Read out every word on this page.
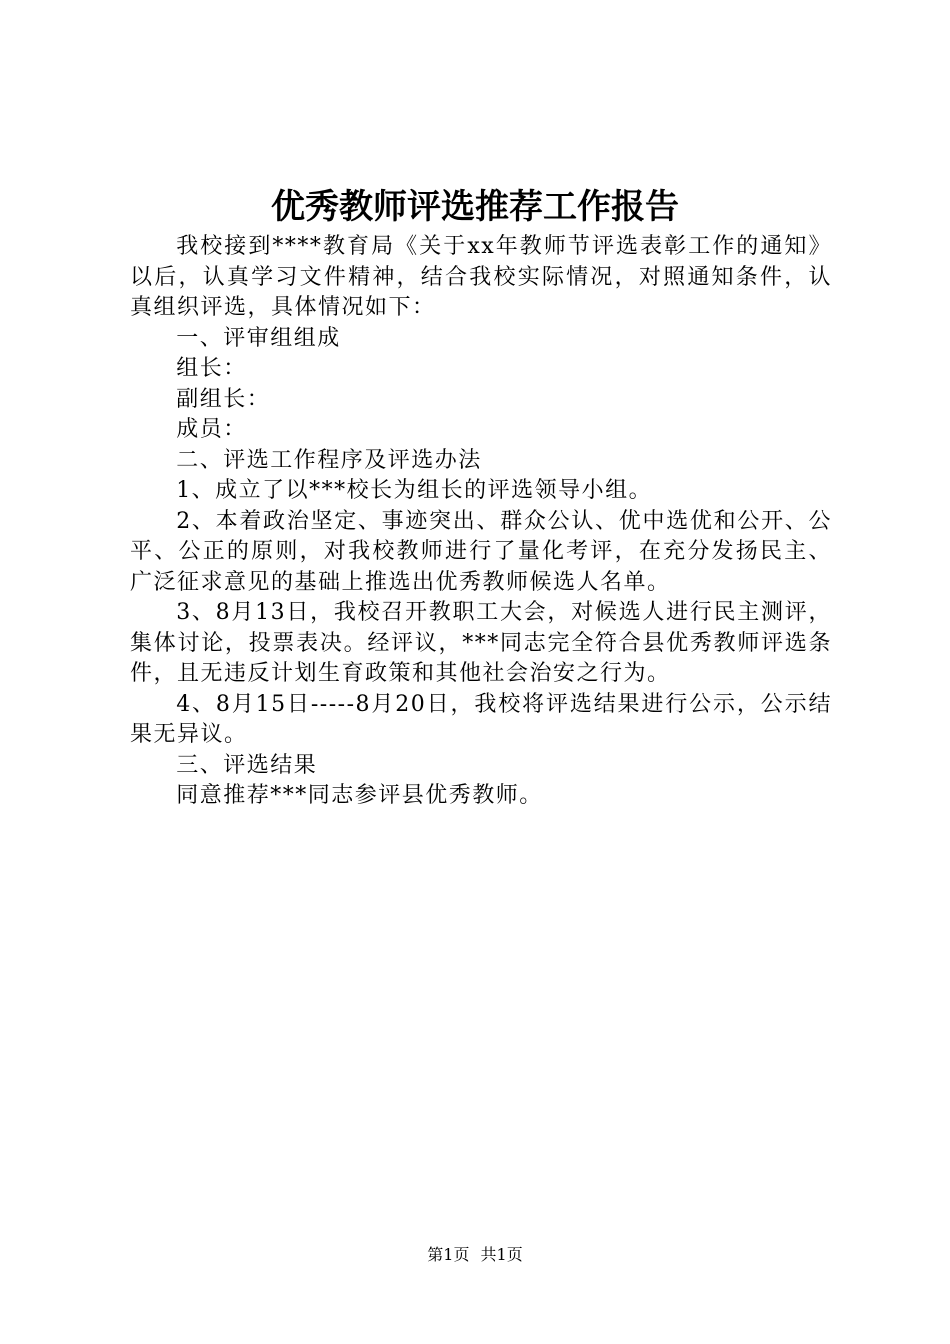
优秀教师评选推荐工作报告

我校接到****教育局《关于xx年教师节评选表彰工作的通知》以后，认真学习文件精神，结合我校实际情况，对照通知条件，认真组织评选，具体情况如下：

一、评审组组成

组长：

副组长：

成员：

二、评选工作程序及评选办法

1、成立了以***校长为组长的评选领导小组。

2、本着政治坚定、事迹突出、群众公认、优中选优和公开、公平、公正的原则，对我校教师进行了量化考评，在充分发扬民主、广泛征求意见的基础上推选出优秀教师候选人名单。

3、8月13日，我校召开教职工大会，对候选人进行民主测评，集体讨论，投票表决。经评议，***同志完全符合县优秀教师评选条件，且无违反计划生育政策和其他社会治安之行为。

4、8月15日-----8月20日，我校将评选结果进行公示，公示结果无异议。

三、评选结果

同意推荐***同志参评县优秀教师。

第1页 共1页
